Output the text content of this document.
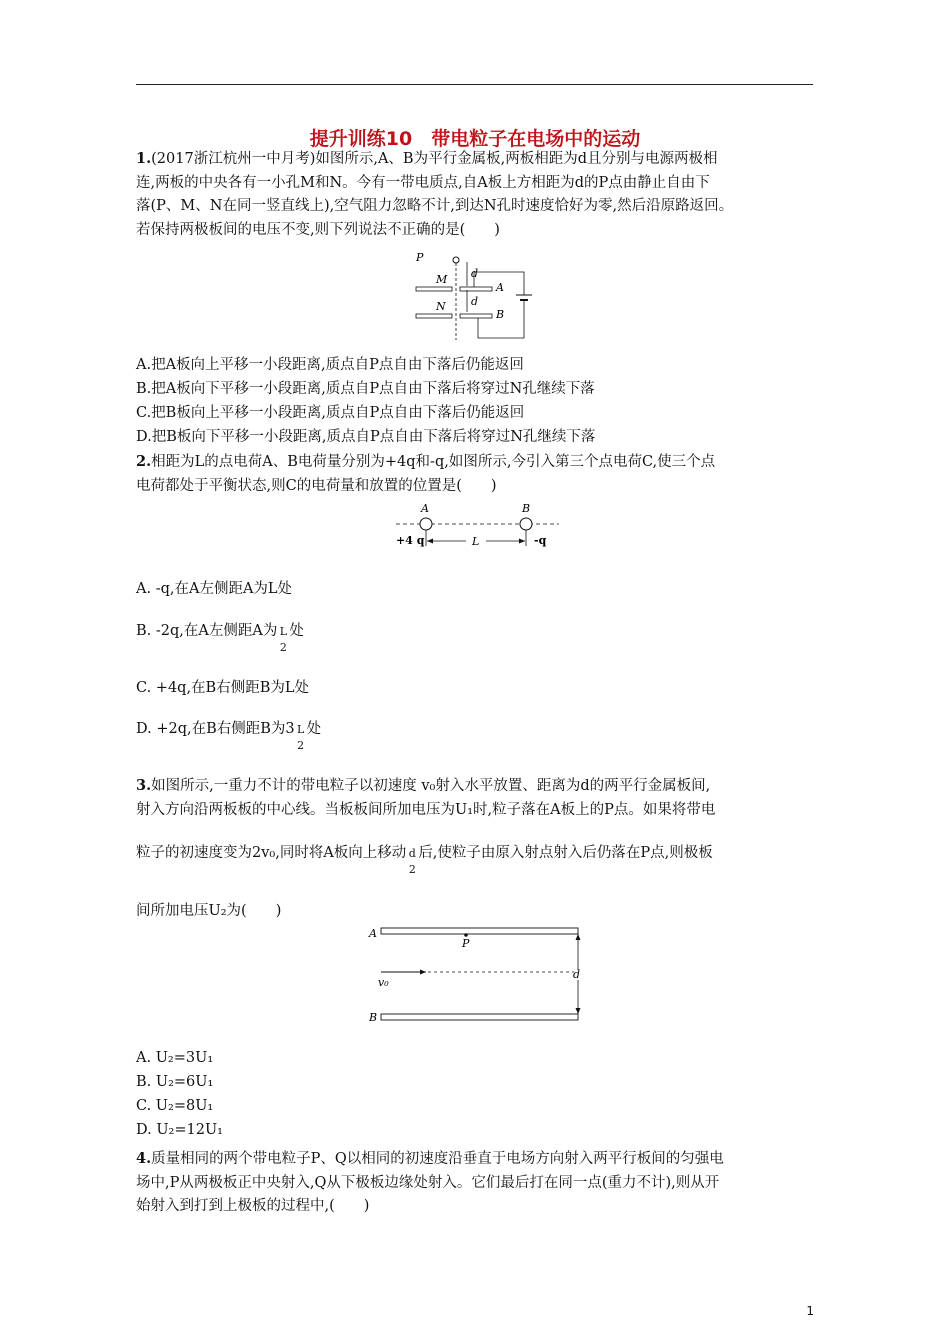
提升训练10　带电粒子在电场中的运动
1.(2017浙江杭州一中月考)如图所示,A、B为平行金属板,两板相距为d且分别与电源两极相
连,两板的中央各有一小孔M和N。今有一带电质点,自A板上方相距为d的P点由静止自由下
落(P、M、N在同一竖直线上),空气阻力忽略不计,到达N孔时速度恰好为零,然后沿原路返回。
若保持两极板间的电压不变,则下列说法不正确的是(　　)
P
d
d
M
A
N
B
A.把A板向上平移一小段距离,质点自P点自由下落后仍能返回
B.把A板向下平移一小段距离,质点自P点自由下落后将穿过N孔继续下落
C.把B板向上平移一小段距离,质点自P点自由下落后仍能返回
D.把B板向下平移一小段距离,质点自P点自由下落后将穿过N孔继续下落
2.相距为L的点电荷A、B电荷量分别为+4q和-q,如图所示,今引入第三个点电荷C,使三个点
电荷都处于平衡状态,则C的电荷量和放置的位置是(　　)
A	B
L
+4 q	-q
A. -q,在A左侧距A为L处
B. -2q,在A左侧距A为 L
2
处
C. +4q,在B右侧距B为L处
D. +2q,在B右侧距B为3 L
2
处
3.如图所示,一重力不计的带电粒子以初速度 v₀射入水平放置、距离为d的两平行金属板间,
射入方向沿两板板的中心线。当板板间所加电压为U₁时,粒子落在A板上的P点。如果将带电
粒子的初速度变为2v₀,同时将A板向上移动 d
2
后,使粒子由原入射点射入后仍落在P点,则极板
间所加电压U₂为(　　)
A
P
d
v₀
B
A. U₂=3U₁
B. U₂=6U₁
C. U₂=8U₁
D. U₂=12U₁
4.质量相同的两个带电粒子P、Q以相同的初速度沿垂直于电场方向射入两平行板间的匀强电
场中,P从两极板正中央射入,Q从下极板边缘处射入。它们最后打在同一点(重力不计),则从开
始射入到打到上极板的过程中,(　　)
1
